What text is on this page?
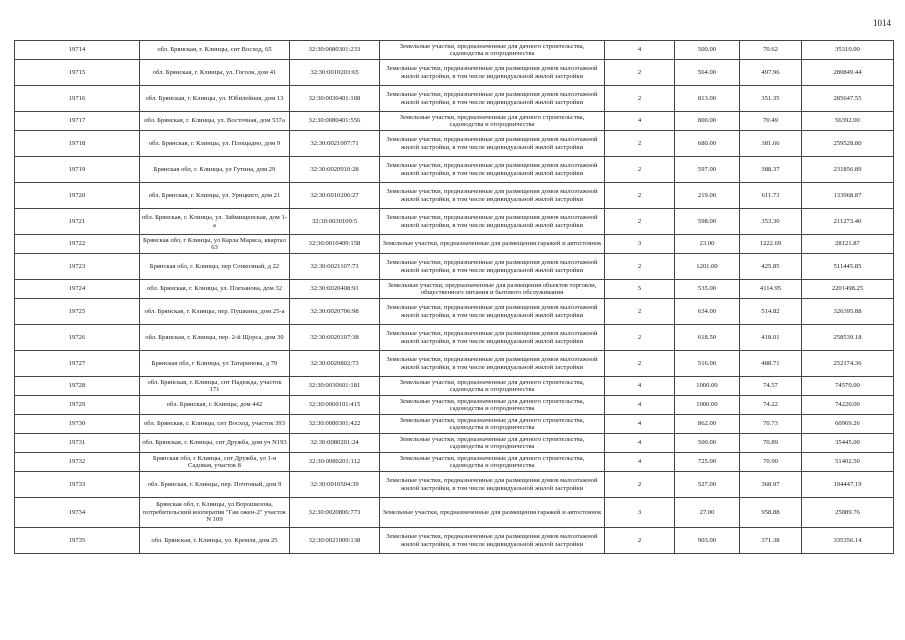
1014
19714	обл. Брянская, г. Клинцы, снт Восход, 65	32:30:0080301:233	Земельные участки, предназначенные для дачного строительства, садоводства и огородничества	4	500.00	70.62	35310.00
19715	обл. Брянская, г. Клинцы, ул. Гоголя, дом 41	32:30:0010203:65	Земельные участки, предназначенные для размещения домов малоэтажной жилой застройки, в том числе индивидуальной жилой застройки	2	564.00	497.96	280849.44
19716	обл. Брянская, г. Клинцы, ул. Юбилейная, дом 13	32:30:0030401:108	Земельные участки, предназначенные для размещения домов малоэтажной жилой застройки, в том числе индивидуальной жилой застройки	2	813.00	351.35	285647.55
19717	обл. Брянская, г. Клинцы, ул. Восточная, дом 537а	32:30:0080401:556	Земельные участки, предназначенные для дачного строительства, садоводства и огородничества	4	800.00	70.49	56392.00
19718	обл. Брянская, г. Клинцы, ул. Площадно, дом 9	32:30:0021007:71	Земельные участки, предназначенные для размещения домов малоэтажной жилой застройки, в том числе индивидуальной жилой застройки	2	680.00	381.66	259528.80
19719	Брянская обл, г. Клинцы, ул Гутина, дом 29	32:30:0020910:28	Земельные участки, предназначенные для размещения домов малоэтажной жилой застройки, в том числе индивидуальной жилой застройки	2	597.00	388.37	231856.89
19720	обл. Брянская, г. Клинцы, ул. Урицкого, дом 21	32:30:0010206:27	Земельные участки, предназначенные для размещения домов малоэтажной жилой застройки, в том числе индивидуальной жилой застройки	2	219.00	611.73	133968.87
19721	обл. Брянская, г. Клинцы, ул. Займищенская, дом 1-а	32:30:0030109:5	Земельные участки, предназначенные для размещения домов малоэтажной жилой застройки, в том числе индивидуальной жилой застройки	2	598.00	353.30	211273.40
19722	Брянская обл, г Клинцы, ул Карла Маркса, квартал 63	32:30:0010409:158	Земельные участки, предназначенные для размещения гаражей и автостоянок	3	23.00	1222.69	28121.87
19723	Брянская обл, г. Клинцы, пер Сопкозный, д 22	32:30:0021107:73	Земельные участки, предназначенные для размещения домов малоэтажной жилой застройки, в том числе индивидуальной жилой застройки	2	1201.00	425.85	511445.85
19724	обл. Брянская, г. Клинцы, ул. Плехановa, дом 32	32:30:0020408:91	Земельные участки, предназначенные для размещения объектов торговли, общественного питания и бытового обслуживания	5	535.00	4114.95	2201498.25
19725	обл. Брянская, г. Клинцы, пер. Пушкина, дом 25-а	32:30:0020706:98	Земельные участки, предназначенные для размещения домов малоэтажной жилой застройки, в том числе индивидуальной жилой застройки	2	634.00	514.82	326395.88
19726	обл. Брянская, г. Клинцы, пер. 2-й Щорса, дом 30	32:30:0020107:38	Земельные участки, предназначенные для размещения домов малоэтажной жилой застройки, в том числе индивидуальной жилой застройки	2	618.50	418.01	258539.18
19727	Брянская обл, г Клинцы, ул Татаринова, д 79	32:30:0020802:73	Земельные участки, предназначенные для размещения домов малоэтажной жилой застройки, в том числе индивидуальной жилой застройки	2	516.00	488.71	252174.36
19728	обл. Брянская, г. Клинцы, снт Надежда, участок 171	32:30:0030601:181	Земельные участки, предназначенные для дачного строительства, садоводства и огородничества	4	1000.00	74.57	74570.00
19729	обл. Брянская, г. Клинцы, дом 442	32:30:0060101:415	Земельные участки, предназначенные для дачного строительства, садоводства и огородничества	4	1000.00	74.22	74220.00
19730	обл. Брянская, г. Клинцы, снт Восход, участок 393	32:30:0080301:422	Земельные участки, предназначенные для дачного строительства, садоводства и огородничества	4	862.00	70.73	60969.26
19731	обл. Брянская, г. Клинцы, снт Дружба, дом уч N193	32:30:0080201:24	Земельные участки, предназначенные для дачного строительства, садоводства и огородничества	4	500.00	70.89	35445.00
19732	Брянская обл, г Клинцы, снт Дружба, ул 1-я Садовая, участок 8	32:30:0080201:112	Земельные участки, предназначенные для дачного строительства, садоводства и огородничества	4	725.00	70.90	51402.50
19733	обл. Брянская, г. Клинцы, пер. Почтовый, дом 9	32:30:0010504:39	Земельные участки, предназначенные для размещения домов малоэтажной жилой застройки, в том числе индивидуальной жилой застройки	2	527.00	368.97	194447.19
19734	Брянская обл, г. Клинцы, ул Ворошилова, потребительский кооператив "Гаи ожен-2" участок N 109	32:30:0020806:773	Земельные участки, предназначенные для размещения гаражей и автостоянок	3	27.00	958.88	25889.76
19735	обл. Брянская, г. Клинцы, ул. Кремля, дом 25	32:30:0021009:138	Земельные участки, предназначенные для размещения домов малоэтажной жилой застройки, в том числе индивидуальной жилой застройки	2	903.00	371.38	335356.14
